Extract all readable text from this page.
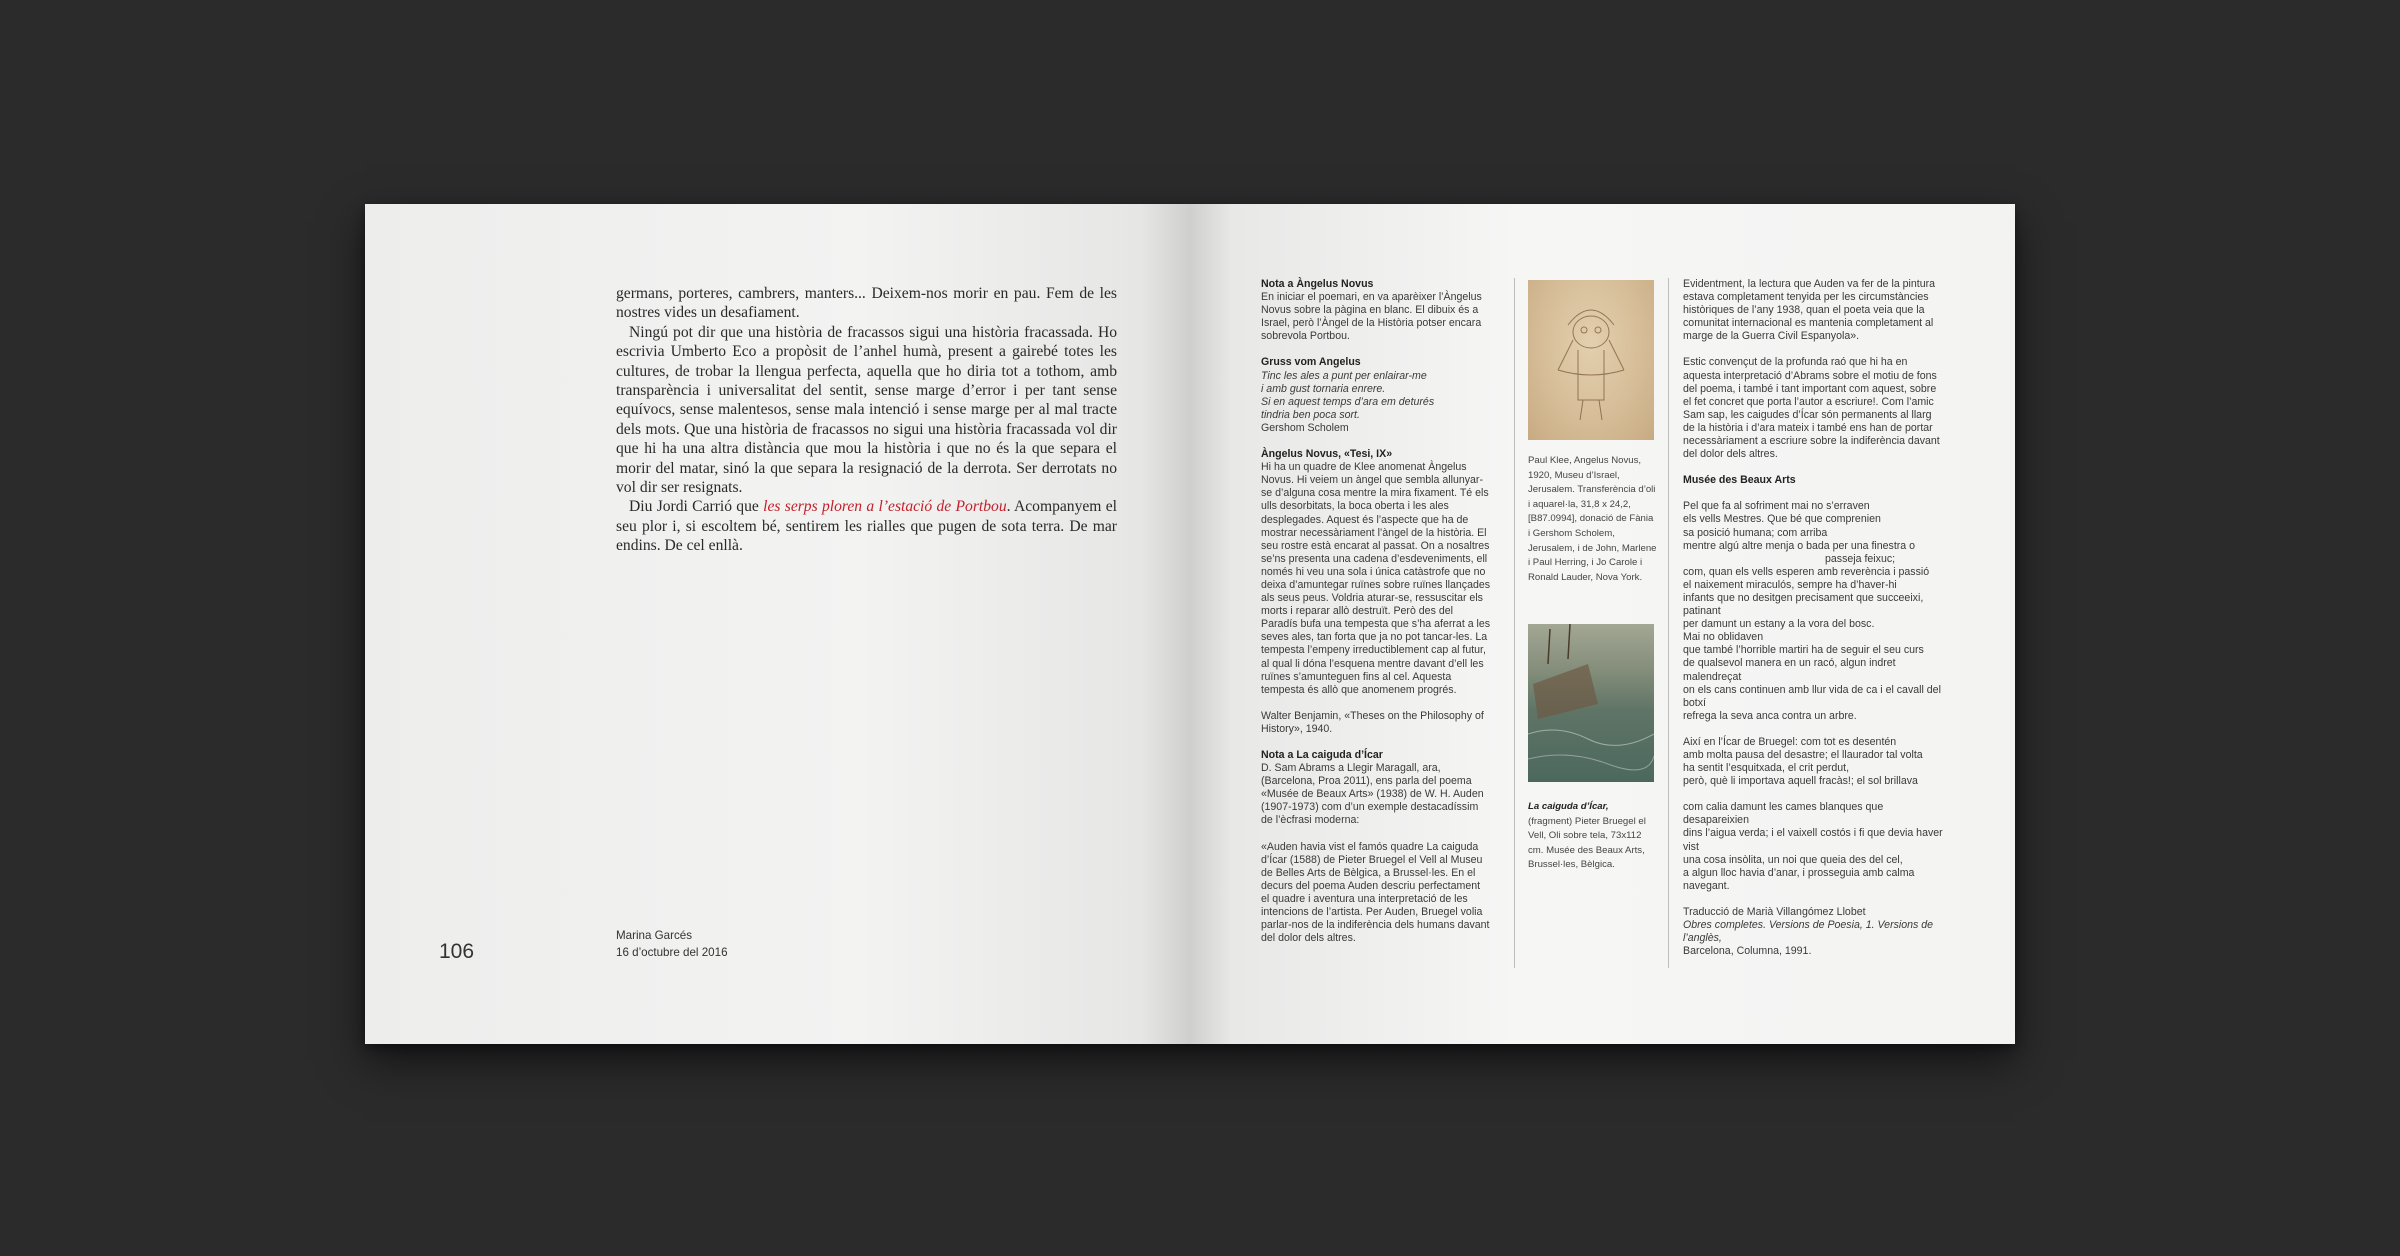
germans, porteres, cambrers, manters... Deixem-nos morir en pau. Fem de les nostres vides un desafiament.

Ningú pot dir que una història de fracassos sigui una història fracassada. Ho escrivia Umberto Eco a propòsit de l’anhel humà, present a gairebé totes les cultures, de trobar la llengua perfecta, aquella que ho diria tot a tothom, amb transparència i universalitat del sentit, sense marge d’error i per tant sense equívocs, sense malentesos, sense mala intenció i sense marge per al mal tracte dels mots. Que una història de fracassos no sigui una història fracassada vol dir que hi ha una altra distància que mou la història i que no és la que separa el morir del matar, sinó la que separa la resignació de la derrota. Ser derrotats no vol dir ser resignats.

Diu Jordi Carrió que les serps ploren a l’estació de Portbou. Acompanyem el seu plor i, si escoltem bé, sentirem les rialles que pugen de sota terra. De mar endins. De cel enllà.

106
Marina Garcés
16 d’octubre del 2016

Nota a Àngelus Novus
En iniciar el poemari, en va aparèixer l’Àngelus Novus sobre la pàgina en blanc. El dibuix és a Israel, però l’Àngel de la Història potser encara sobrevola Portbou.

Gruss vom Angelus
Tinc les ales a punt per enlairar-me
i amb gust tornaria enrere.
Si en aquest temps d’ara em deturés
tindria ben poca sort.
Gershom Scholem

Àngelus Novus, «Tesi, IX»
Hi ha un quadre de Klee anomenat Àngelus Novus. Hi veiem un àngel que sembla allunyar-se d’alguna cosa mentre la mira fixament. Té els ulls desorbitats, la boca oberta i les ales desplegades. Aquest és l’aspecte que ha de mostrar necessàriament l’àngel de la història. El seu rostre està encarat al passat. On a nosaltres se’ns presenta una cadena d’esdeveniments, ell només hi veu una sola i única catàstrofe que no deixa d’amuntegar ruïnes sobre ruïnes llançades als seus peus. Voldria aturar-se, ressuscitar els morts i reparar allò destruït. Però des del Paradís bufa una tempesta que s’ha aferrat a les seves ales, tan forta que ja no pot tancar-les. La tempesta l’empeny irreductiblement cap al futur, al qual li dóna l’esquena mentre davant d’ell les ruïnes s’amunteguen fins al cel. Aquesta tempesta és allò que anomenem progrés.

Walter Benjamin, «Theses on the Philosophy of History», 1940.

Nota a La caiguda d’Ícar
D. Sam Abrams a Llegir Maragall, ara, (Barcelona, Proa 2011), ens parla del poema «Musée de Beaux Arts» (1938) de W. H. Auden (1907-1973) com d’un exemple destacadíssim de l’ècfrasi moderna:

«Auden havia vist el famós quadre La caiguda d’Ícar (1588) de Pieter Bruegel el Vell al Museu de Belles Arts de Bèlgica, a Brussel·les. En el decurs del poema Auden descriu perfectament el quadre i aventura una interpretació de les intencions de l’artista. Per Auden, Bruegel volia parlar-nos de la indiferència dels humans davant del dolor dels altres.

Paul Klee, Angelus Novus, 1920, Museu d’Israel, Jerusalem. Transferència d’oli i aquarel·la, 31,8 x 24,2, [B87.0994], donació de Fània i Gershom Scholem, Jerusalem, i de John, Marlene i Paul Herring, i Jo Carole i Ronald Lauder, Nova York.
La caiguda d’Ícar,
(fragment) Pieter Bruegel el Vell, Oli sobre tela, 73x112 cm. Musée des Beaux Arts, Brussel·les, Bèlgica.

Evidentment, la lectura que Auden va fer de la pintura estava completament tenyida per les circumstàncies històriques de l’any 1938, quan el poeta veia que la comunitat internacional es mantenia completament al marge de la Guerra Civil Espanyola».

Estic convençut de la profunda raó que hi ha en aquesta interpretació d’Abrams sobre el motiu de fons del poema, i també i tant important com aquest, sobre el fet concret que porta l’autor a escriure!. Com l’amic Sam sap, les caigudes d’Ícar són permanents al llarg de la història i d’ara mateix i també ens han de portar necessàriament a escriure sobre la indiferència davant del dolor dels altres.

Musée des Beaux Arts

Pel que fa al sofriment mai no s’erraven
els vells Mestres. Que bé que comprenien
sa posició humana; com arriba
mentre algú altre menja o bada per una finestra o
passeja feixuc;
com, quan els vells esperen amb reverència i passió
el naixement miraculós, sempre ha d’haver-hi
infants que no desitgen precisament que succeeixi, patinant
per damunt un estany a la vora del bosc.
Mai no oblidaven
que també l’horrible martiri ha de seguir el seu curs
de qualsevol manera en un racó, algun indret malendreçat
on els cans continuen amb llur vida de ca i el cavall del botxí
refrega la seva anca contra un arbre.

Així en l’Ícar de Bruegel: com tot es desentén
amb molta pausa del desastre; el llaurador tal volta
ha sentit l’esquitxada, el crit perdut,
però, què li importava aquell fracàs!; el sol brillava

com calia damunt les cames blanques que desapareixien
dins l’aigua verda; i el vaixell costós i fi que devia haver vist
una cosa insòlita, un noi que queia des del cel,
a algun lloc havia d’anar, i prosseguia amb calma navegant.

Traducció de Marià Villangómez Llobet
Obres completes. Versions de Poesia, 1. Versions de l’anglès,
Barcelona, Columna, 1991.
